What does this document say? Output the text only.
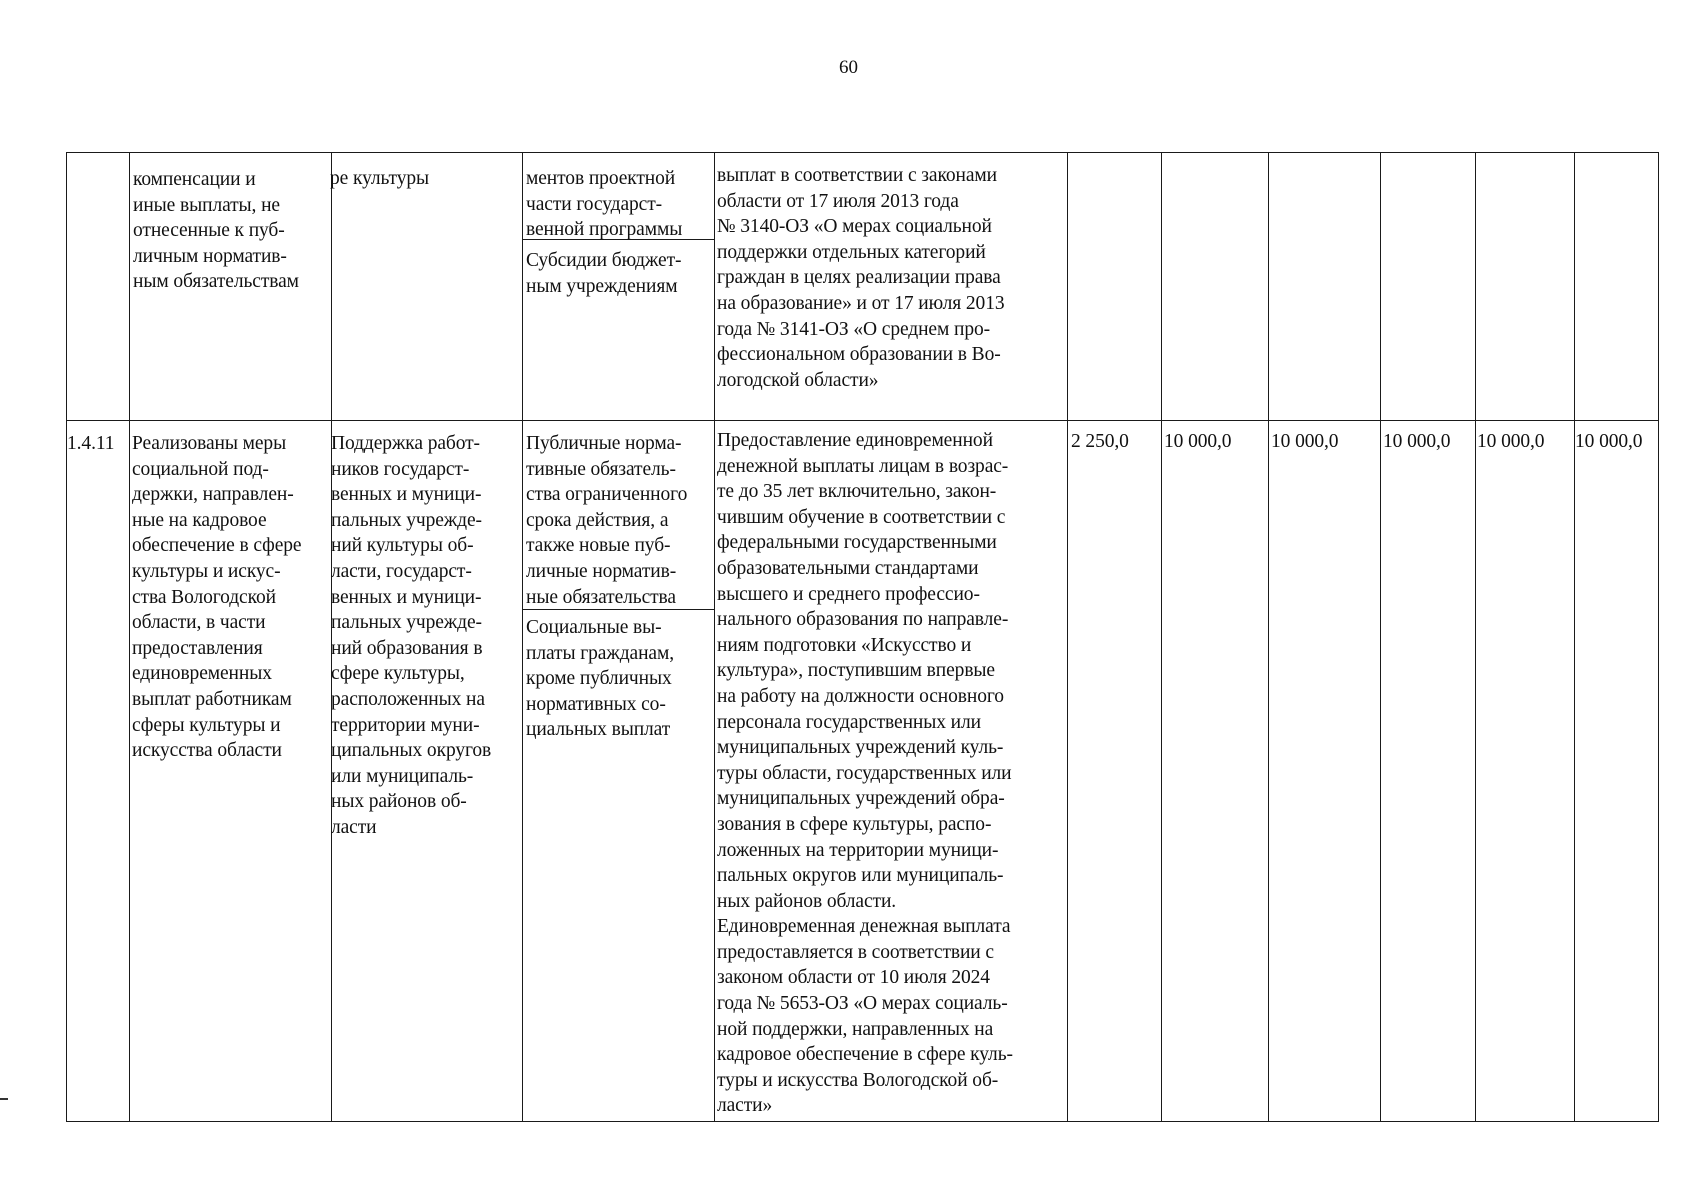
60
компенсации и
иные выплаты, не
отнесенные к пуб-
личным норматив-
ным обязательствам
ре культуры	ментов проектной
части государст-
венной программы
Субсидии бюджет-
ным учреждениям
выплат в соответствии с законами
области от 17 июля 2013 года
№ 3140-ОЗ «О мерах социальной
поддержки отдельных категорий
граждан в целях реализации права
на образование» и от 17 июля 2013
года № 3141-ОЗ «О среднем про-
фессиональном образовании в Во-
логодской области»
1.4.11 Реализованы меры
социальной под-
держки, направлен-
ные на кадровое
обеспечение в сфере
культуры и искус-
ства Вологодской
области, в части
предоставления
единовременных
выплат работникам
сферы культуры и
искусства области
Поддержка работ-
ников государст-
венных и муници-
пальных учрежде-
ний культуры об-
ласти, государст-
венных и муници-
пальных учрежде-
ний образования в
сфере культуры,
расположенных на
территории муни-
ципальных округов
или муниципаль-
ных районов об-
ласти
Публичные норма-
тивные обязатель-
ства ограниченного
срока действия, а
также новые пуб-
личные норматив-
ные обязательства
Социальные вы-
платы гражданам,
кроме публичных
нормативных со-
циальных выплат
Предоставление единовременной
денежной выплаты лицам в возрас-
те до 35 лет включительно, закон-
чившим обучение в соответствии с
федеральными государственными
образовательными стандартами
высшего и среднего профессио-
нального образования по направле-
ниям подготовки «Искусство и
культура», поступившим впервые
на работу на должности основного
персонала государственных или
муниципальных учреждений куль-
туры области, государственных или
муниципальных учреждений обра-
зования в сфере культуры, распо-
ложенных на территории муници-
пальных округов или муниципаль-
ных районов области.
Единовременная денежная выплата
предоставляется в соответствии с
законом области от 10 июля 2024
года № 5653-ОЗ «О мерах социаль-
ной поддержки, направленных на
кадровое обеспечение в сфере куль-
туры и искусства Вологодской об-
ласти»
2 250,0 10 000,0 10 000,0 10 000,0 10 000,0 10 000,0
